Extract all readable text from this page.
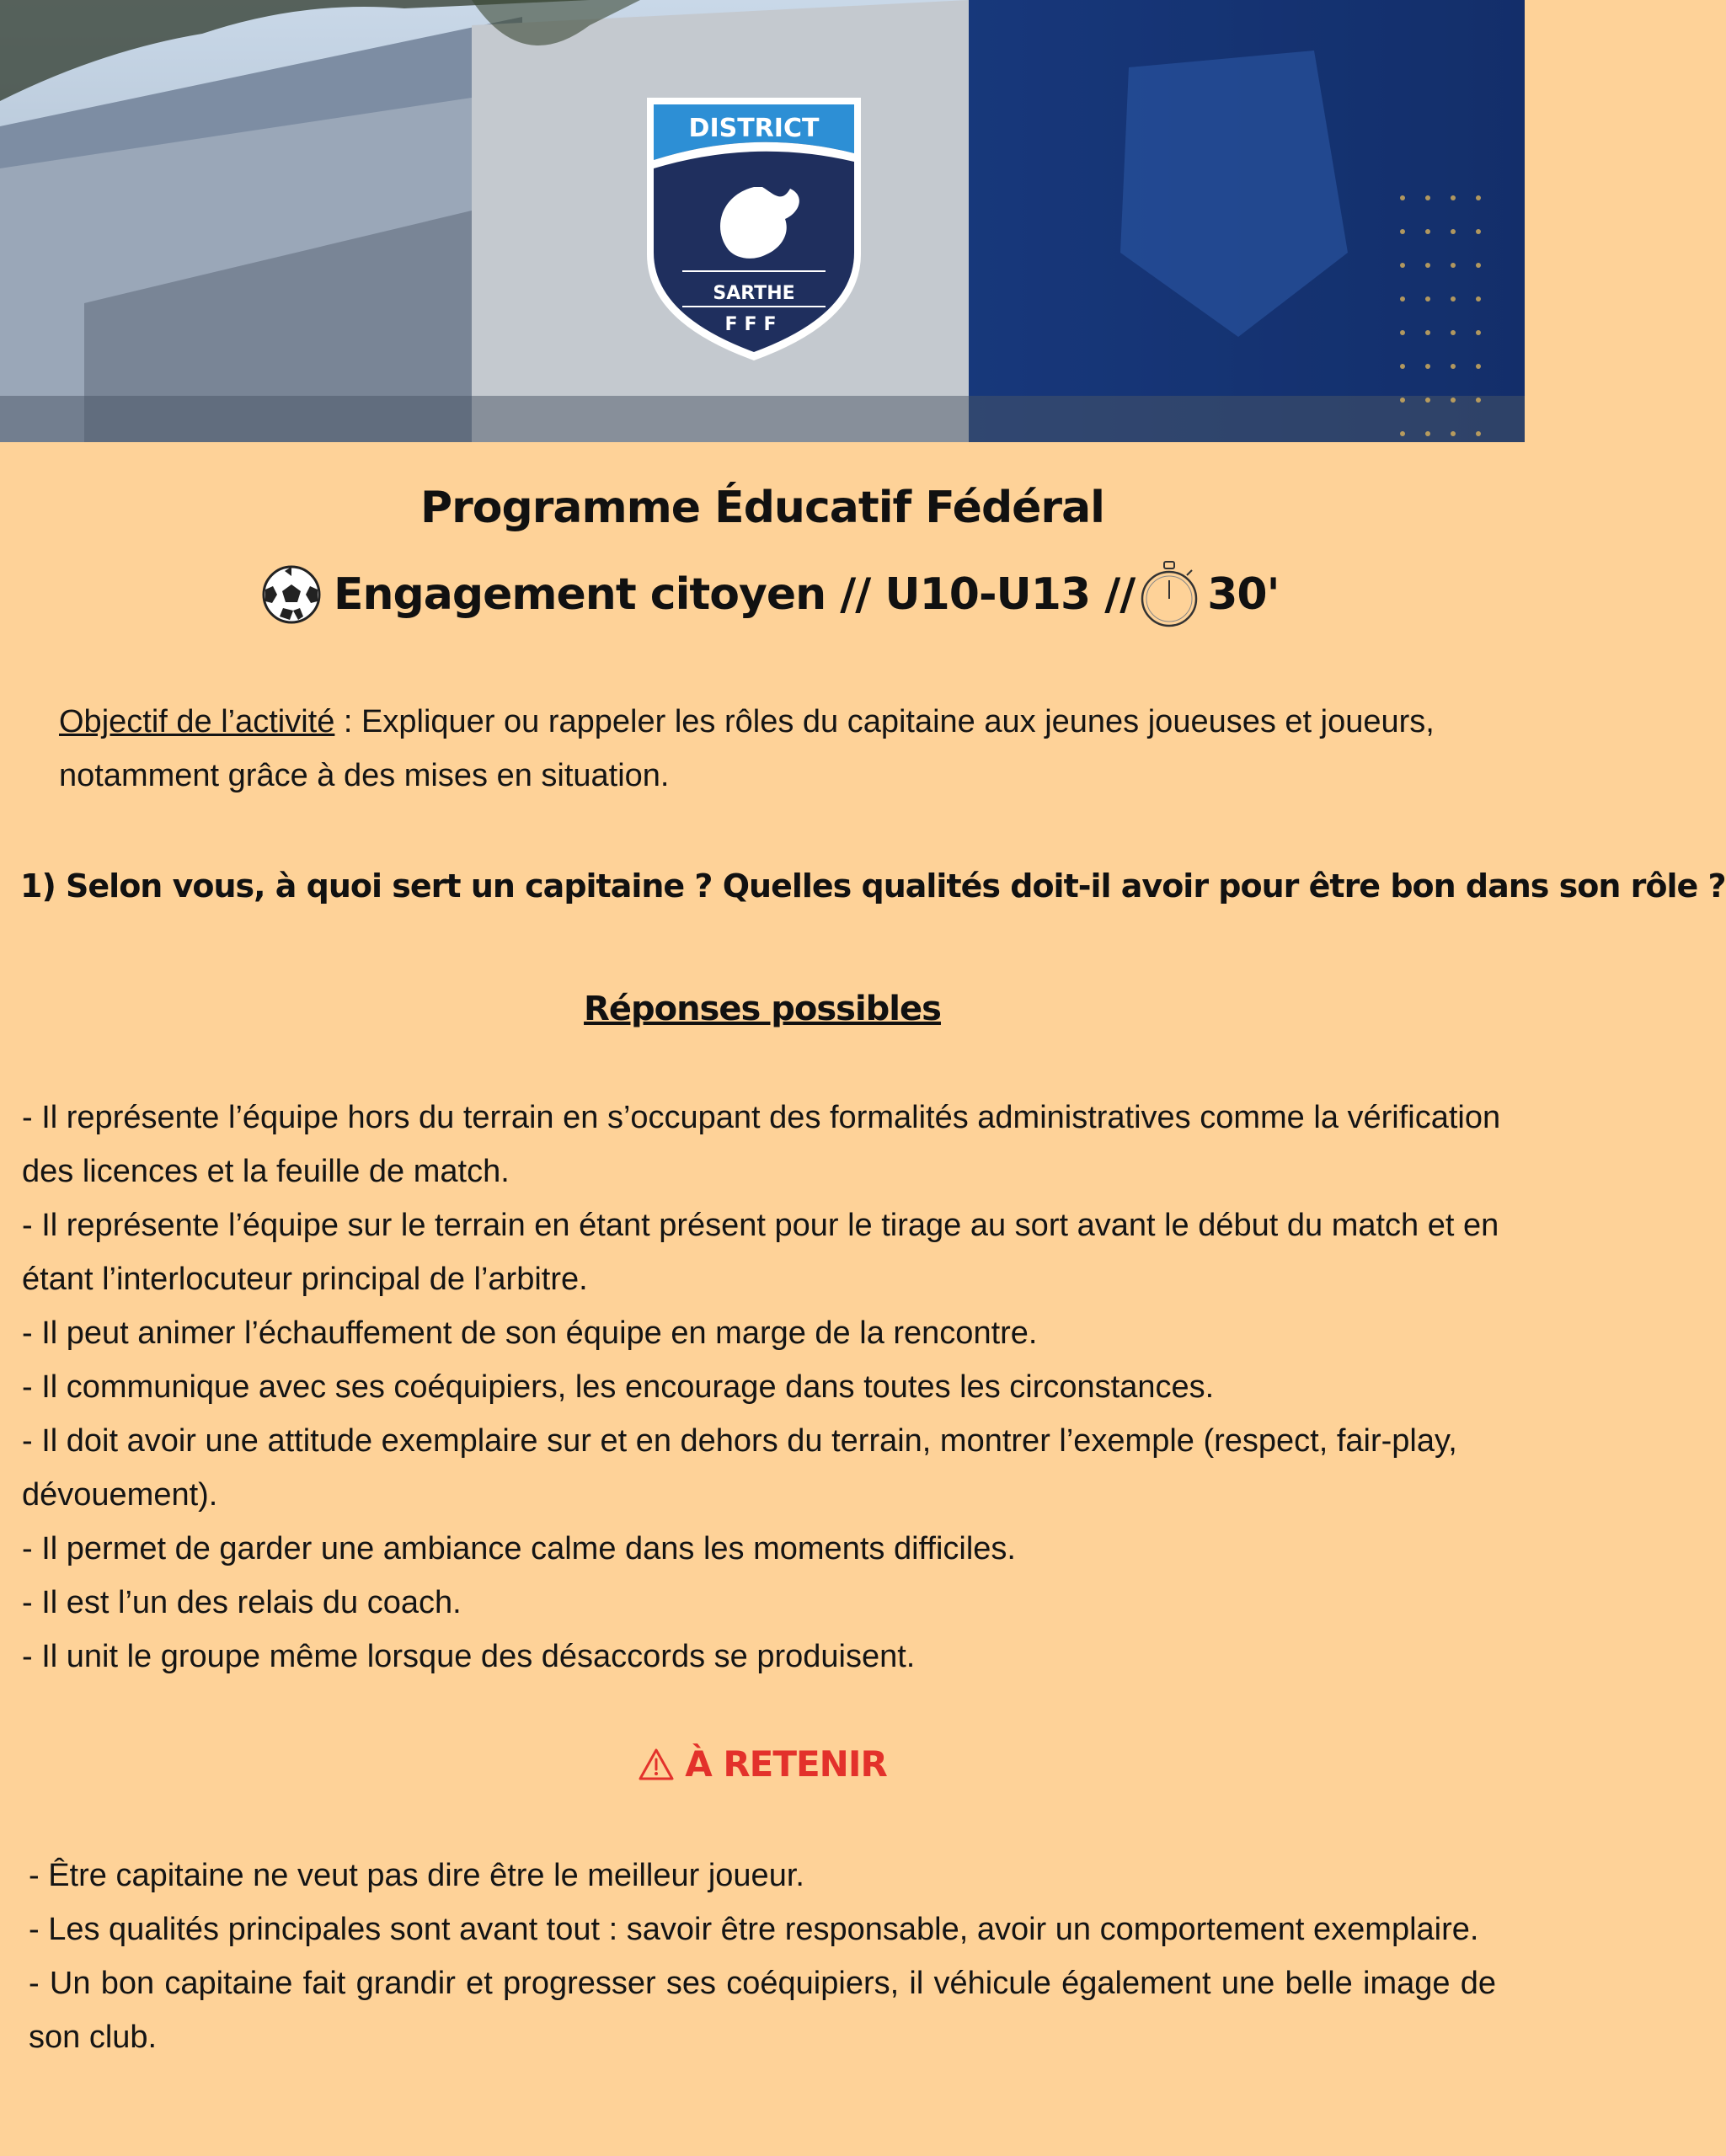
DISTRICT
SARTHE
FFF
Programme Éducatif Fédéral
Engagement citoyen // U10-U13 // 30'
Objectif de l’activité : Expliquer ou rappeler les rôles du capitaine aux jeunes joueuses et joueurs, notamment grâce à des mises en situation.
1) Selon vous, à quoi sert un capitaine ? Quelles qualités doit-il avoir pour être bon dans son rôle ?
Réponses possibles
- Il représente l’équipe hors du terrain en s’occupant des formalités administratives comme la vérification des licences et la feuille de match.
- Il représente l’équipe sur le terrain en étant présent pour le tirage au sort avant le début du match et en étant l’interlocuteur principal de l’arbitre.
- Il peut animer l’échauffement de son équipe en marge de la rencontre.
- Il communique avec ses coéquipiers, les encourage dans toutes les circonstances.
- Il doit avoir une attitude exemplaire sur et en dehors du terrain, montrer l’exemple (respect, fair-play, dévouement).
- Il permet de garder une ambiance calme dans les moments difficiles.
- Il est l’un des relais du coach.
- Il unit le groupe même lorsque des désaccords se produisent.
À RETENIR
- Être capitaine ne veut pas dire être le meilleur joueur.
- Les qualités principales sont avant tout : savoir être responsable, avoir un comportement exemplaire.
- Un bon capitaine fait grandir et progresser ses coéquipiers, il véhicule également une belle image de son club.
